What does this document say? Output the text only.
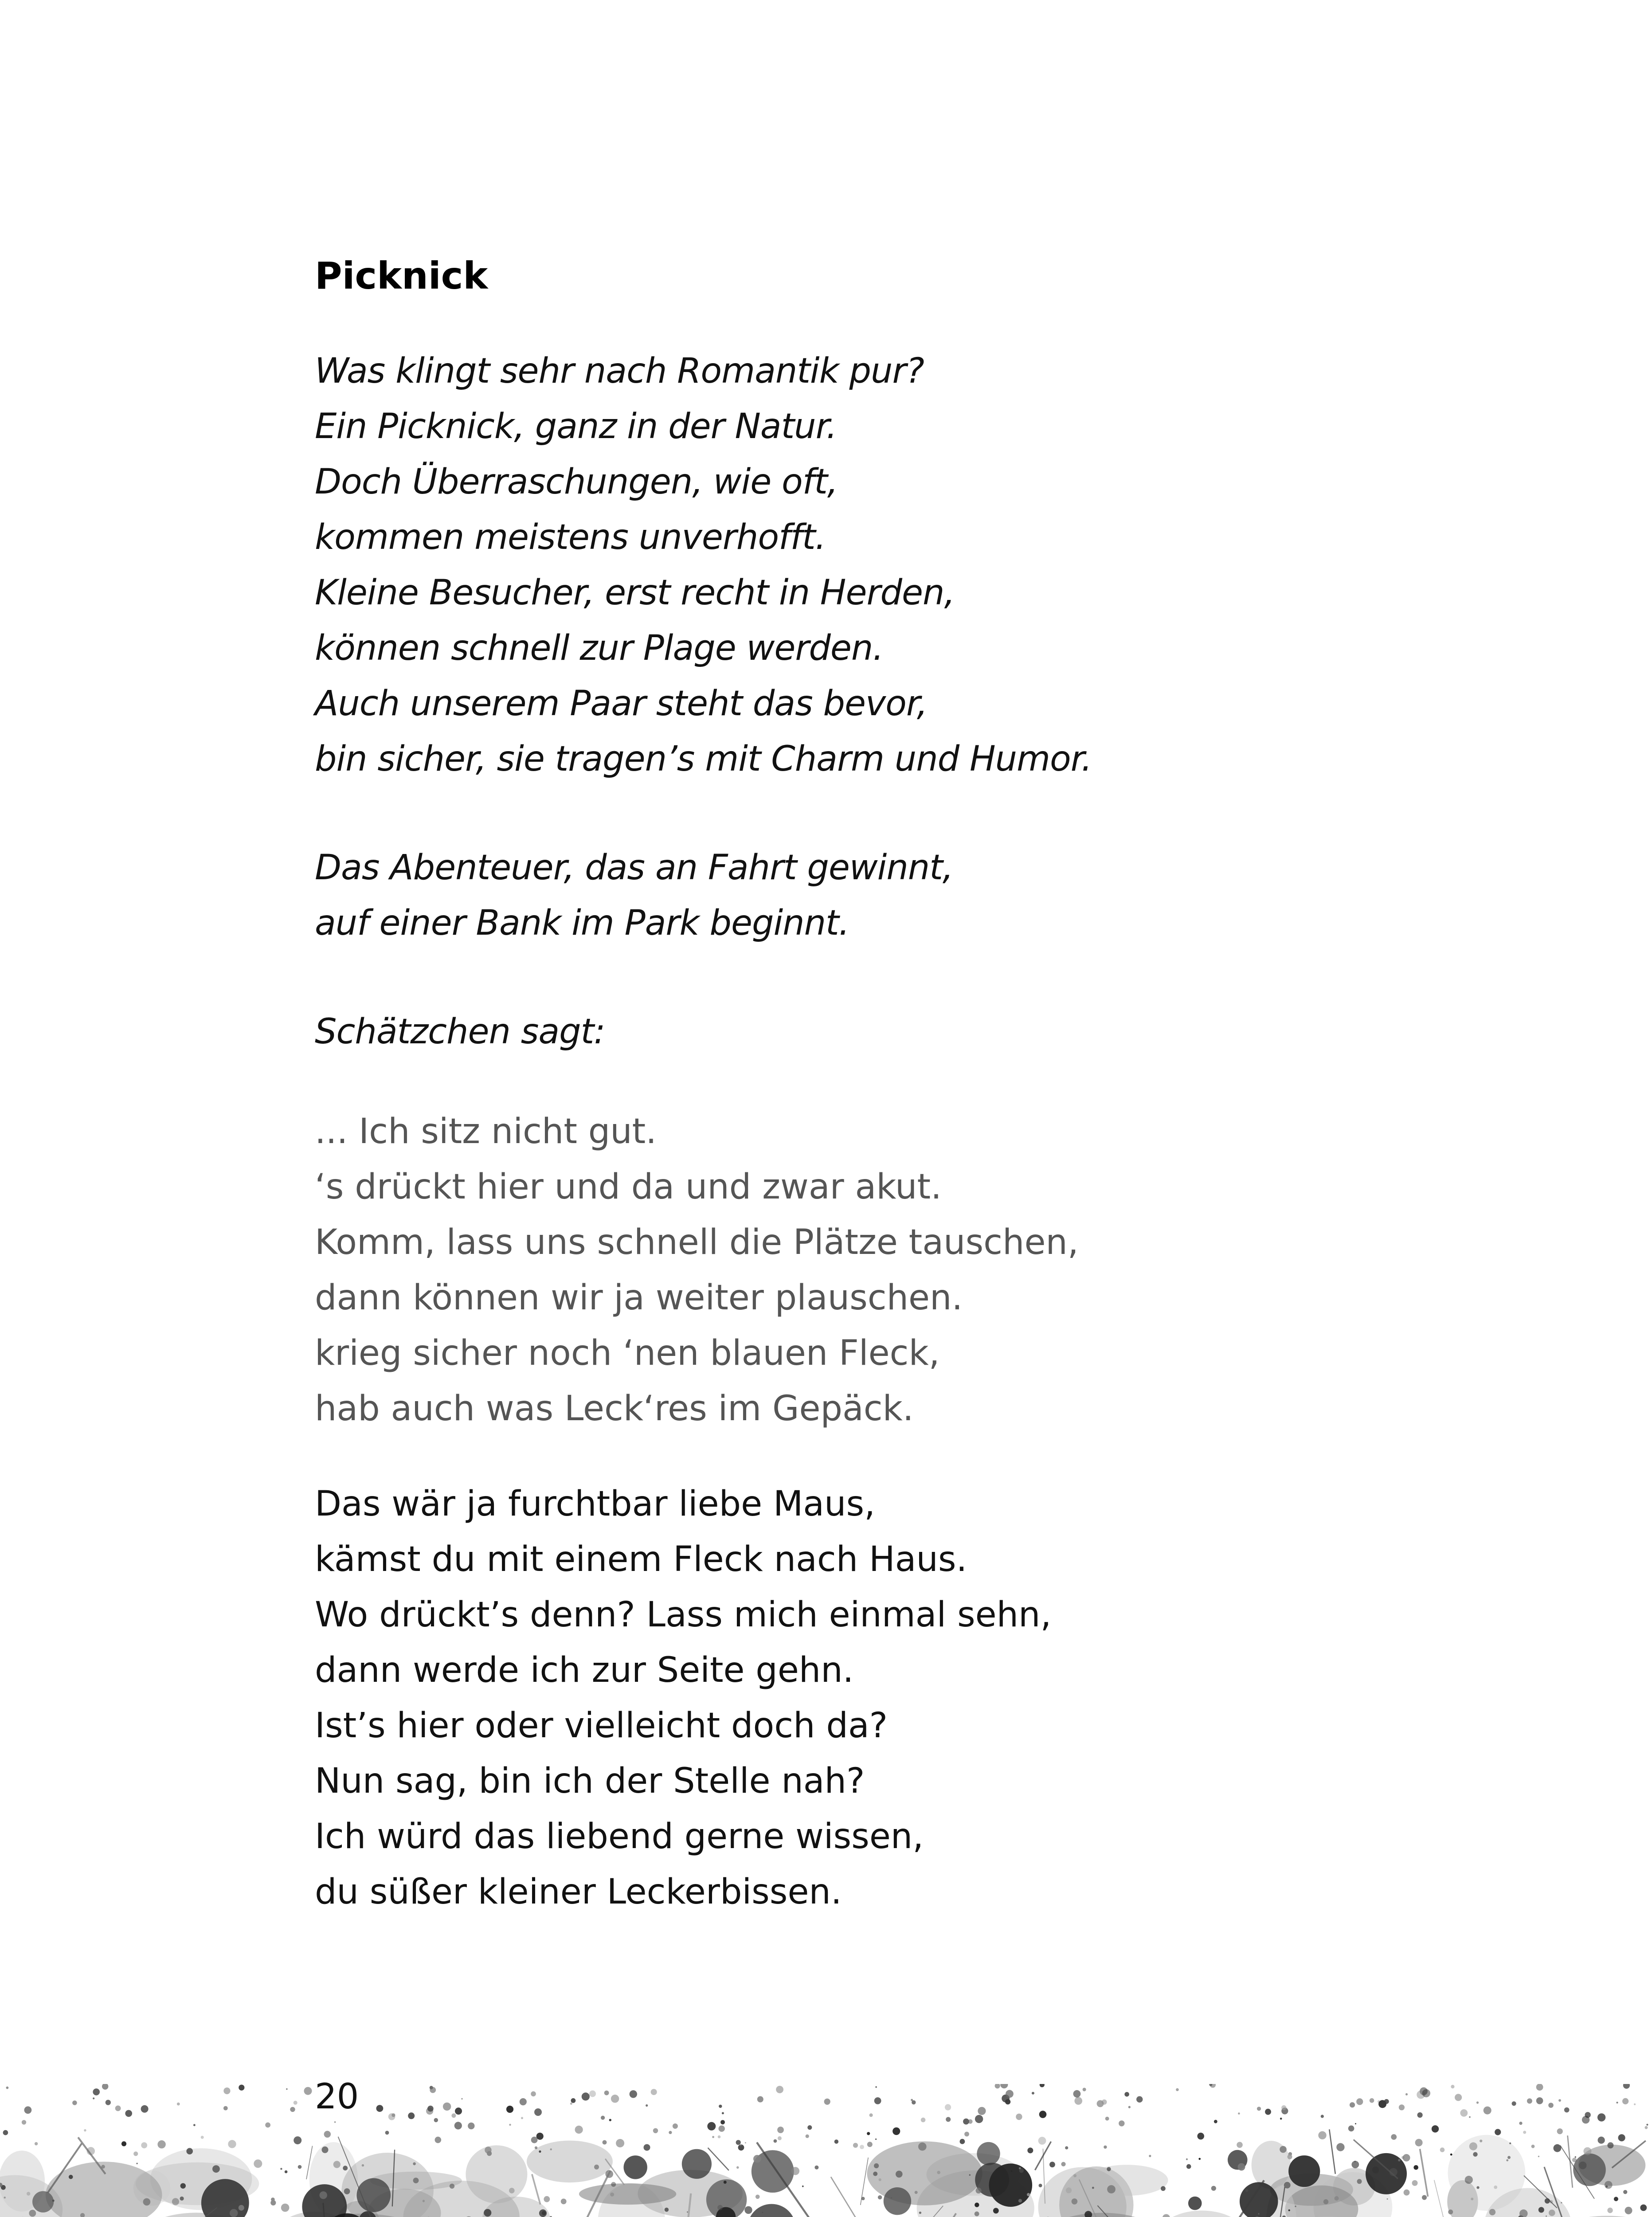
Picknick
Was klingt sehr nach Romantik pur?
Ein Picknick, ganz in der Natur.
Doch Überraschungen, wie oft,
kommen meistens unverhofft.
Kleine Besucher, erst recht in Herden,
können schnell zur Plage werden.
Auch unserem Paar steht das bevor,
bin sicher, sie tragen’s mit Charm und Humor.
Das Abenteuer, das an Fahrt gewinnt,
auf einer Bank im Park beginnt.
Schätzchen sagt:
... Ich sitz nicht gut.
‘s drückt hier und da und zwar akut.
Komm, lass uns schnell die Plätze tauschen,
dann können wir ja weiter plauschen.
krieg sicher noch ‘nen blauen Fleck,
hab auch was Leck‘res im Gepäck.
Das wär ja furchtbar liebe Maus,
kämst du mit einem Fleck nach Haus.
Wo drückt’s denn? Lass mich einmal sehn,
dann werde ich zur Seite gehn.
Ist’s hier oder vielleicht doch da?
Nun sag, bin ich der Stelle nah?
Ich würd das liebend gerne wissen,
du süßer kleiner Leckerbissen.
20
